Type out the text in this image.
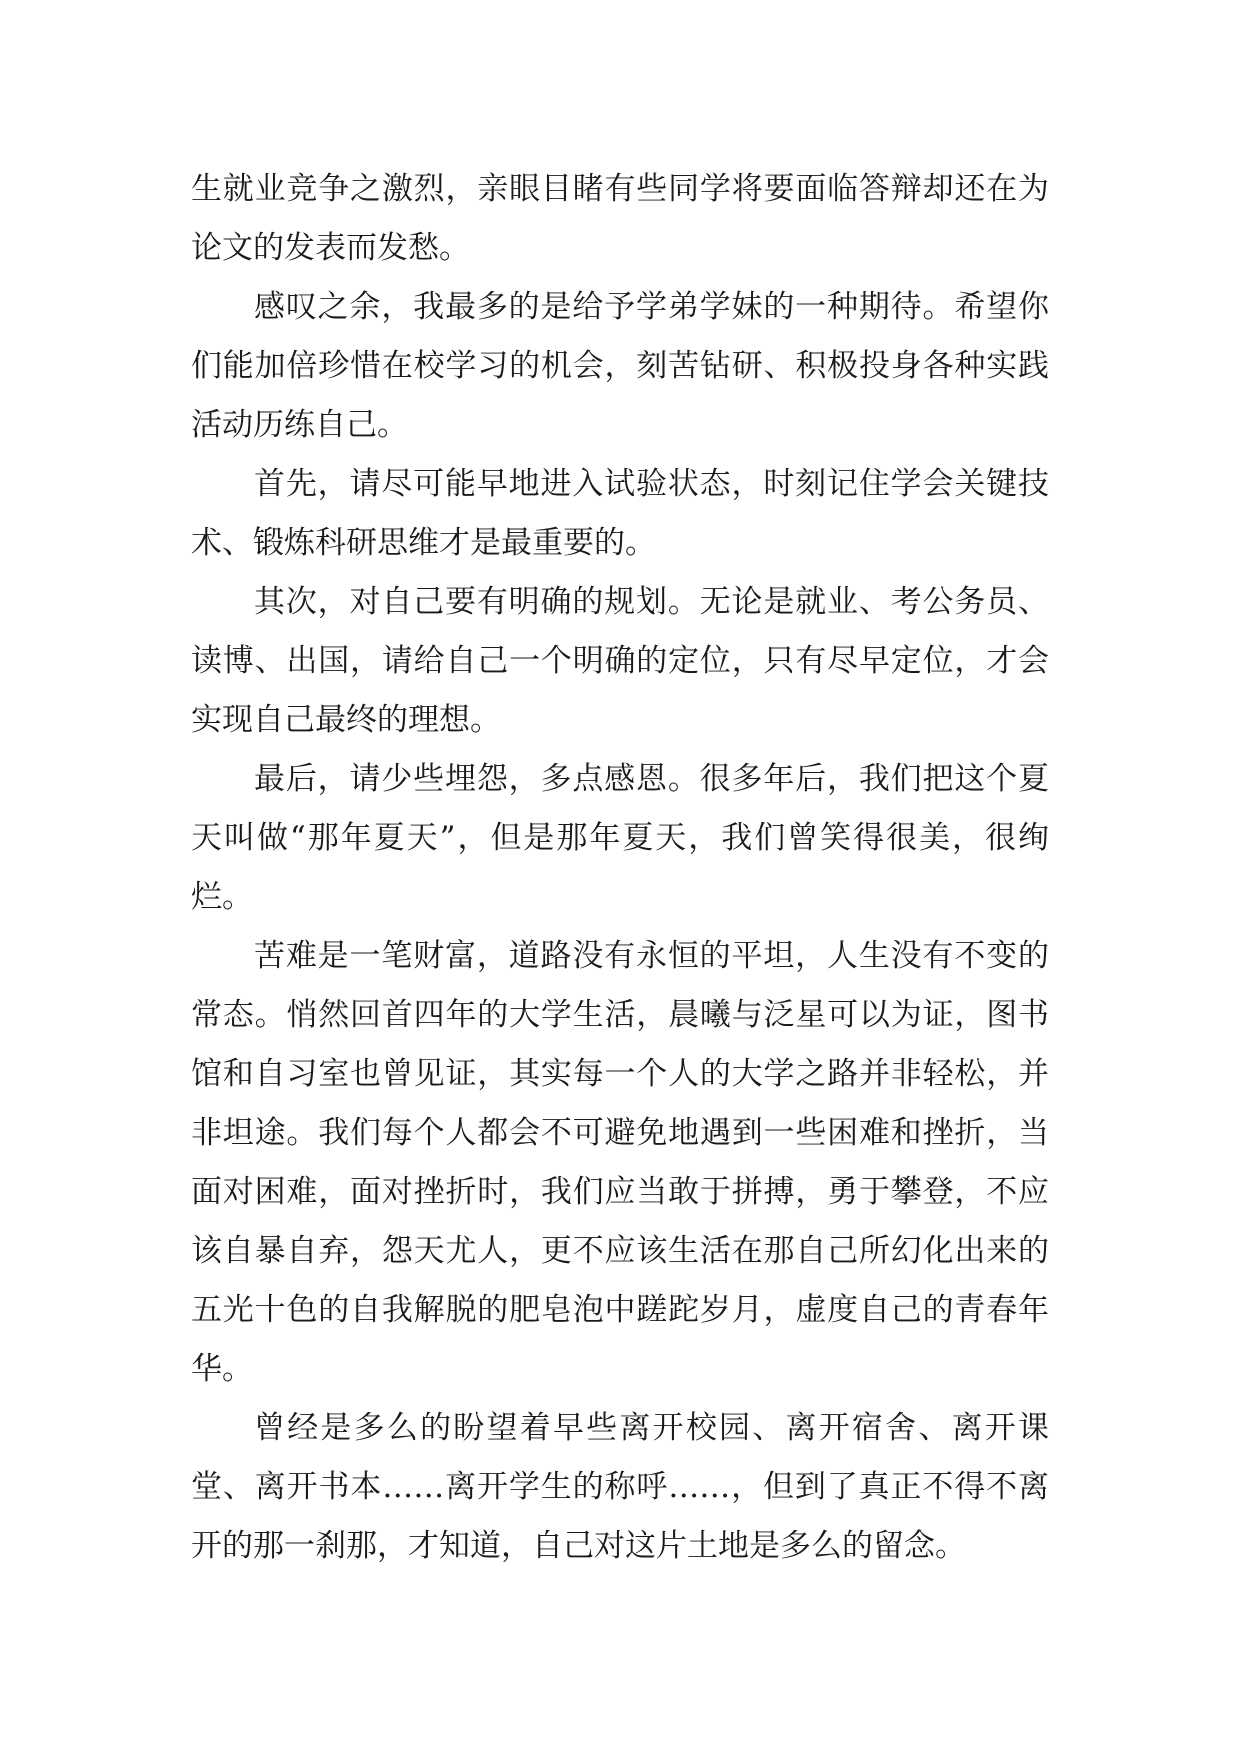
生就业竞争之激烈，亲眼目睹有些同学将要面临答辩却还在为论文的发表而发愁。

感叹之余，我最多的是给予学弟学妹的一种期待。希望你们能加倍珍惜在校学习的机会，刻苦钻研、积极投身各种实践活动历练自己。

首先，请尽可能早地进入试验状态，时刻记住学会关键技术、锻炼科研思维才是最重要的。

其次，对自己要有明确的规划。无论是就业、考公务员、读博、出国，请给自己一个明确的定位，只有尽早定位，才会实现自己最终的理想。

最后，请少些埋怨，多点感恩。很多年后，我们把这个夏天叫做“那年夏天”，但是那年夏天，我们曾笑得很美，很绚烂。

苦难是一笔财富，道路没有永恒的平坦，人生没有不变的常态。悄然回首四年的大学生活，晨曦与泛星可以为证，图书馆和自习室也曾见证，其实每一个人的大学之路并非轻松，并非坦途。我们每个人都会不可避免地遇到一些困难和挫折，当面对困难，面对挫折时，我们应当敢于拼搏，勇于攀登，不应该自暴自弃，怨天尤人，更不应该生活在那自己所幻化出来的五光十色的自我解脱的肥皂泡中蹉跎岁月，虚度自己的青春年华。

曾经是多么的盼望着早些离开校园、离开宿舍、离开课堂、离开书本……离开学生的称呼……，但到了真正不得不离开的那一刹那，才知道，自己对这片土地是多么的留念。
